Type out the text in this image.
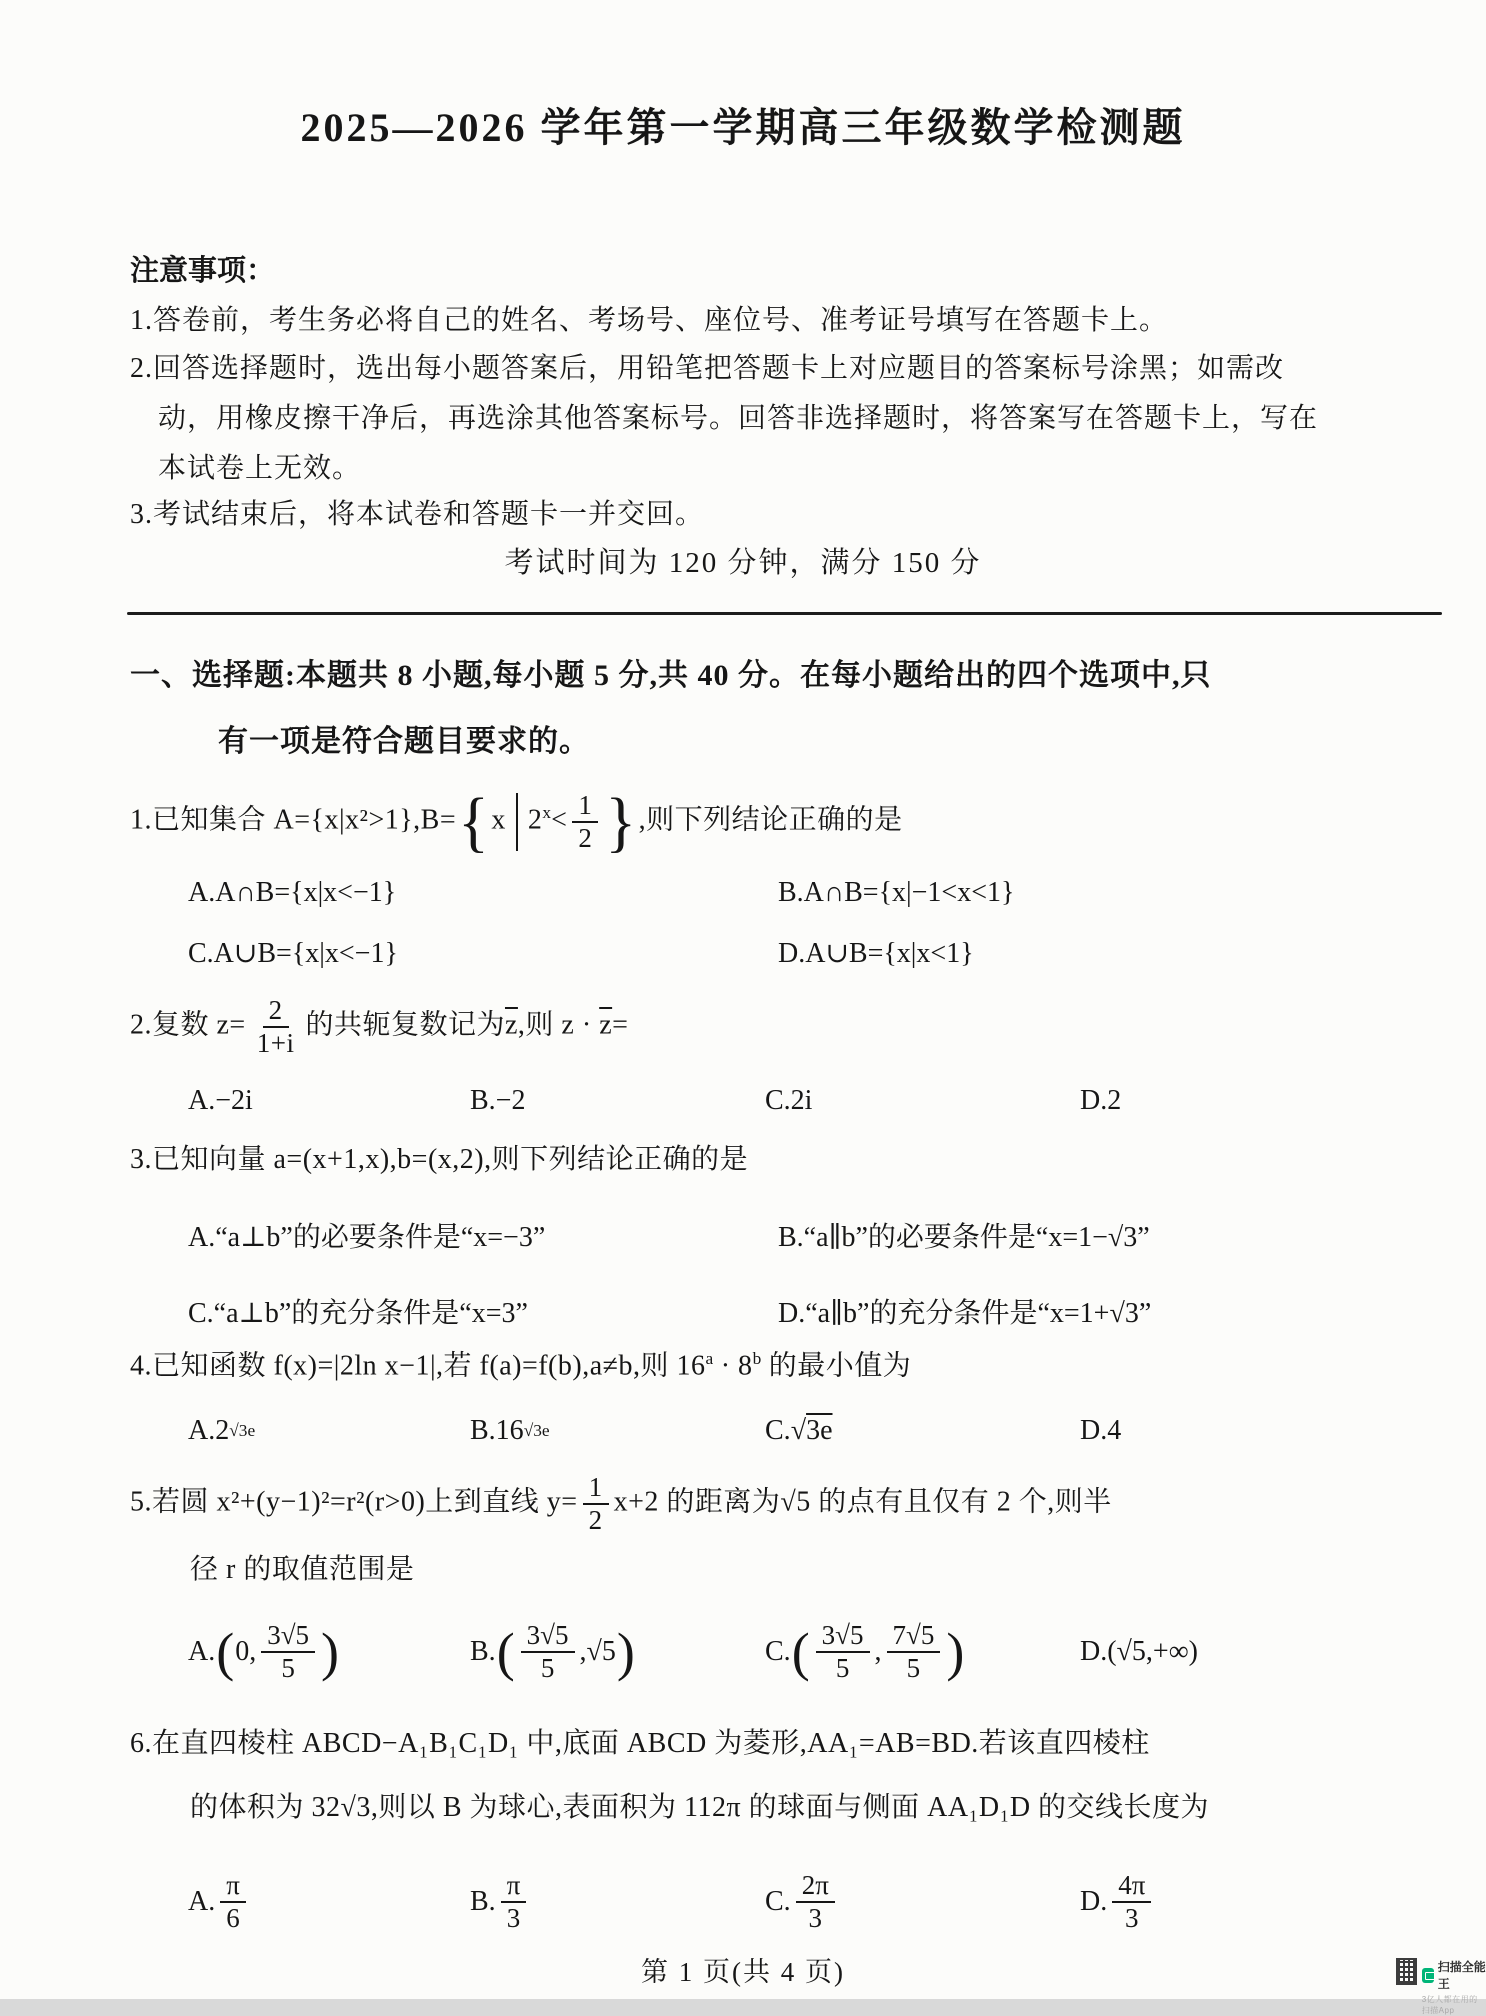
2025—2026 学年第一学期高三年级数学检测题
注意事项：
1.答卷前，考生务必将自己的姓名、考场号、座位号、准考证号填写在答题卡上。
2.回答选择题时，选出每小题答案后，用铅笔把答题卡上对应题目的答案标号涂黑；如需改
动，用橡皮擦干净后，再选涂其他答案标号。回答非选择题时，将答案写在答题卡上，写在
本试卷上无效。
3.考试结束后，将本试卷和答题卡一并交回。
考试时间为 120 分钟，满分 150 分
一、选择题:本题共 8 小题,每小题 5 分,共 40 分。在每小题给出的四个选项中,只
有一项是符合题目要求的。
1.已知集合 A={x|x²>1},B={x $2^x< \frac{1}{2}$ },则下列结论正确的是
A.A∩B={x|x<−1}	B.A∩B={x|−1<x<1}
C.A∪B={x|x<−1}	D.A∪B={x|x<1}
2.复数 $z= \frac{2}{1+i}$ 的共轭复数记为$\overline{z}$,则 $z \cdot \overline{z}=$
A.−2i	B.−2	C.2i	D.2
3.已知向量 a=(x+1,x),b=(x,2),则下列结论正确的是
A.“a⊥b”的必要条件是“x=−3”	B.“a∥b”的必要条件是“x=1−√3”
C.“a⊥b”的充分条件是“x=3”	D.“a∥b”的充分条件是“x=1+√3”
4.已知函数 f(x)=|2ln x−1|,若 f(a)=f(b),a≠b,则 $16^a \cdot 8^b$ 的最小值为
A.2 √3e	B.16 √3e	C. √ 3e	D.4
5.若圆 x²+(y−1)²=r²(r>0)上到直线 $y= \frac{1}{2} x+2$ 的距离为√5 的点有且仅有 2 个,则半
径 r 的取值范围是
A. ( 0, $\frac{3√5}{5}$ )	B. ( $\frac{3√5}{5} ,√5$ )	C. ( $\frac{3√5}{5}$ , $\frac{7√5}{5}$ )	D. (√5,+∞)
6.在直四棱柱 ABCD−A₁B₁C₁D₁ 中,底面 ABCD 为菱形,AA₁=AB=BD.若该直四棱柱
的体积为 32√3,则以 B 为球心,表面积为 112π 的球面与侧面 AA₁D₁D 的交线长度为
A. $\frac{\pi}{6}$	B. $\frac{\pi}{3}$	C. $\frac{2\pi}{3}$	D. $\frac{4\pi}{3}$
第 1 页(共 4 页)	扫描全能王
3亿人都在用的扫描App
